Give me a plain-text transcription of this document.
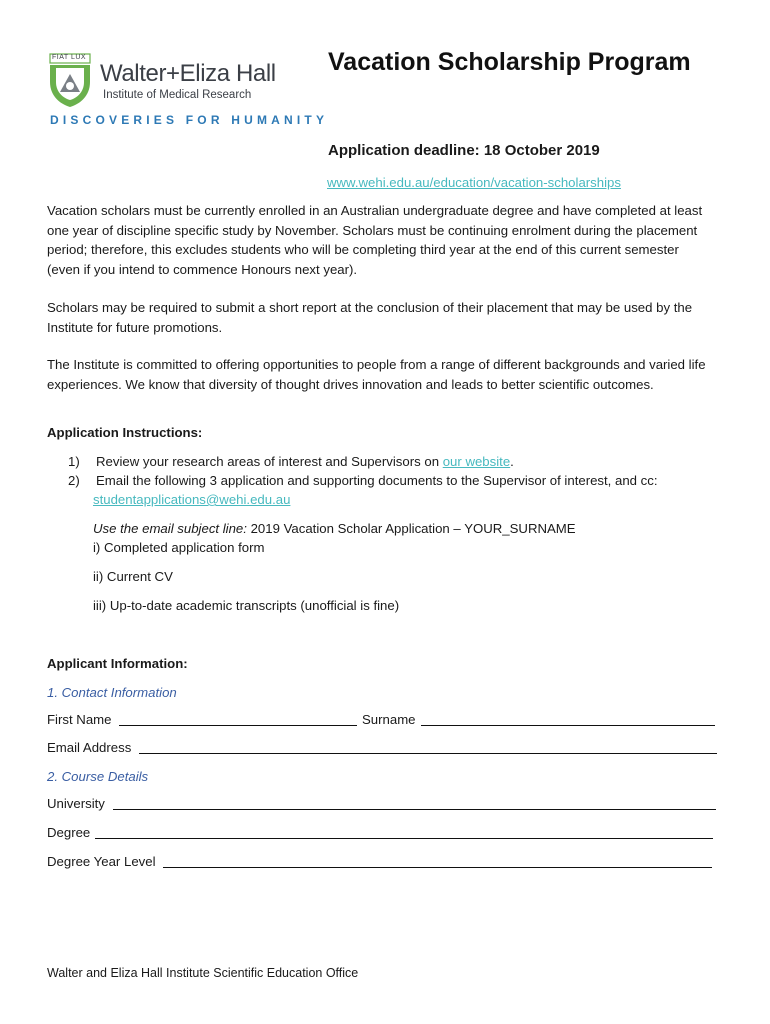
FIAT LUX
Walter+Eliza Hall
Institute of Medical Research
DISCOVERIES FOR HUMANITY
Vacation Scholarship Program
Application deadline: 18 October 2019
www.wehi.edu.au/education/vacation-scholarships
Vacation scholars must be currently enrolled in an Australian undergraduate degree and have completed at least one year of discipline specific study by November. Scholars must be continuing enrolment during the placement period; therefore, this excludes students who will be completing third year at the end of this current semester (even if you intend to commence Honours next year).
Scholars may be required to submit a short report at the conclusion of their placement that may be used by the Institute for future promotions.
The Institute is committed to offering opportunities to people from a range of different backgrounds and varied life experiences. We know that diversity of thought drives innovation and leads to better scientific outcomes.
Application Instructions:
1) Review your research areas of interest and Supervisors on our website.
2) Email the following 3 application and supporting documents to the Supervisor of interest, and cc:
studentapplications@wehi.edu.au
Use the email subject line: 2019 Vacation Scholar Application – YOUR_SURNAME
i) Completed application form
ii) Current CV
iii) Up-to-date academic transcripts (unofficial is fine)
Applicant Information:
1. Contact Information
First Name	Surname
Email Address
2. Course Details
University
Degree
Degree Year Level
Walter and Eliza Hall Institute Scientific Education Office
